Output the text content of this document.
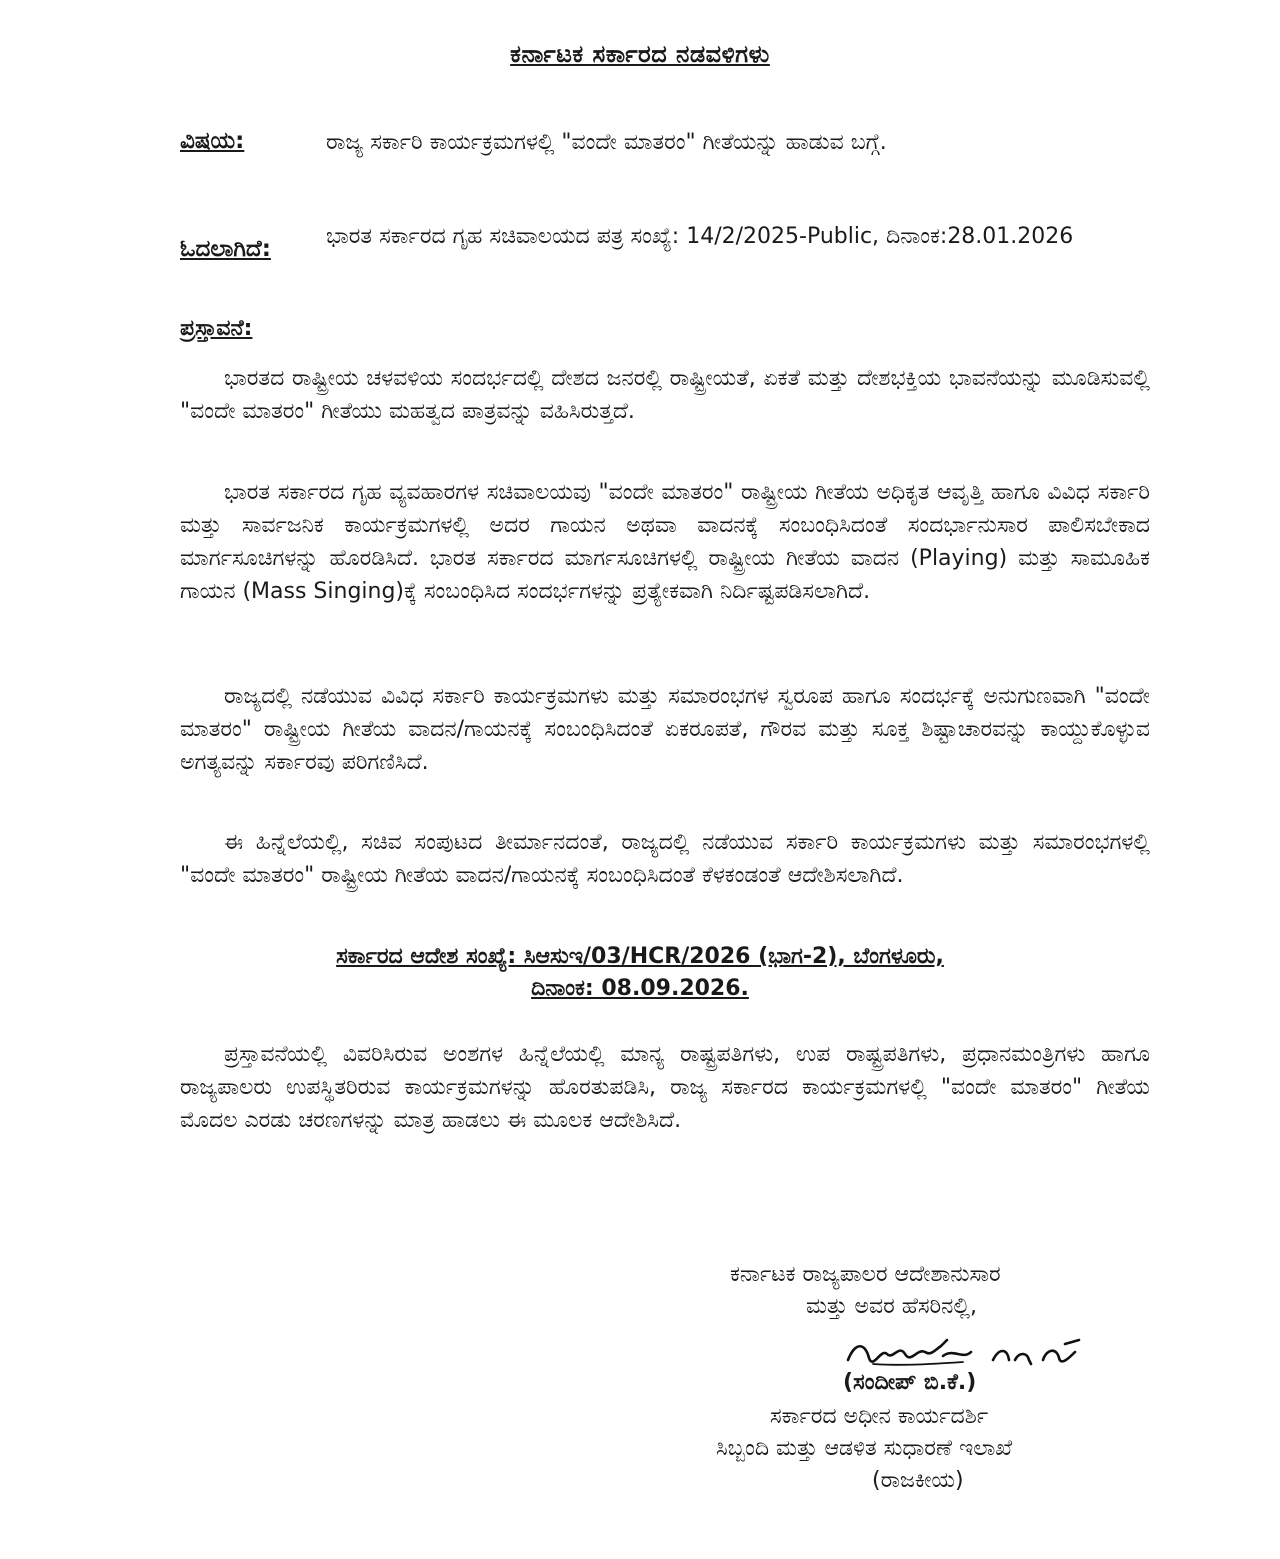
ಕರ್ನಾಟಕ ಸರ್ಕಾರದ ನಡವಳಿಗಳು
ವಿಷಯ:	ರಾಜ್ಯ ಸರ್ಕಾರಿ ಕಾರ್ಯಕ್ರಮಗಳಲ್ಲಿ "ವಂದೇ ಮಾತರಂ" ಗೀತೆಯನ್ನು ಹಾಡುವ ಬಗ್ಗೆ.
ಓದಲಾಗಿದೆ:	ಭಾರತ ಸರ್ಕಾರದ ಗೃಹ ಸಚಿವಾಲಯದ ಪತ್ರ ಸಂಖ್ಯೆ: 14/2/2025-Public, ದಿನಾಂಕ:28.01.2026
ಪ್ರಸ್ತಾವನೆ:
ಭಾರತದ ರಾಷ್ಟ್ರೀಯ ಚಳವಳಿಯ ಸಂದರ್ಭದಲ್ಲಿ ದೇಶದ ಜನರಲ್ಲಿ ರಾಷ್ಟ್ರೀಯತೆ, ಏಕತೆ ಮತ್ತು ದೇಶಭಕ್ತಿಯ ಭಾವನೆಯನ್ನು ಮೂಡಿಸುವಲ್ಲಿ "ವಂದೇ ಮಾತರಂ" ಗೀತೆಯು ಮಹತ್ವದ ಪಾತ್ರವನ್ನು ವಹಿಸಿರುತ್ತದೆ.
ಭಾರತ ಸರ್ಕಾರದ ಗೃಹ ವ್ಯವಹಾರಗಳ ಸಚಿವಾಲಯವು "ವಂದೇ ಮಾತರಂ" ರಾಷ್ಟ್ರೀಯ ಗೀತೆಯ ಅಧಿಕೃತ ಆವೃತ್ತಿ ಹಾಗೂ ವಿವಿಧ ಸರ್ಕಾರಿ ಮತ್ತು ಸಾರ್ವಜನಿಕ ಕಾರ್ಯಕ್ರಮಗಳಲ್ಲಿ ಅದರ ಗಾಯನ ಅಥವಾ ವಾದನಕ್ಕೆ ಸಂಬಂಧಿಸಿದಂತೆ ಸಂದರ್ಭಾನುಸಾರ ಪಾಲಿಸಬೇಕಾದ ಮಾರ್ಗಸೂಚಿಗಳನ್ನು ಹೊರಡಿಸಿದೆ. ಭಾರತ ಸರ್ಕಾರದ ಮಾರ್ಗಸೂಚಿಗಳಲ್ಲಿ ರಾಷ್ಟ್ರೀಯ ಗೀತೆಯ ವಾದನ (Playing) ಮತ್ತು ಸಾಮೂಹಿಕ ಗಾಯನ (Mass Singing)ಕ್ಕೆ ಸಂಬಂಧಿಸಿದ ಸಂದರ್ಭಗಳನ್ನು ಪ್ರತ್ಯೇಕವಾಗಿ ನಿರ್ದಿಷ್ಟಪಡಿಸಲಾಗಿದೆ.
ರಾಜ್ಯದಲ್ಲಿ ನಡೆಯುವ ವಿವಿಧ ಸರ್ಕಾರಿ ಕಾರ್ಯಕ್ರಮಗಳು ಮತ್ತು ಸಮಾರಂಭಗಳ ಸ್ವರೂಪ ಹಾಗೂ ಸಂದರ್ಭಕ್ಕೆ ಅನುಗುಣವಾಗಿ "ವಂದೇ ಮಾತರಂ" ರಾಷ್ಟ್ರೀಯ ಗೀತೆಯ ವಾದನ/ಗಾಯನಕ್ಕೆ ಸಂಬಂಧಿಸಿದಂತೆ ಏಕರೂಪತೆ, ಗೌರವ ಮತ್ತು ಸೂಕ್ತ ಶಿಷ್ಟಾಚಾರವನ್ನು ಕಾಯ್ದುಕೊಳ್ಳುವ ಅಗತ್ಯವನ್ನು ಸರ್ಕಾರವು ಪರಿಗಣಿಸಿದೆ.
ಈ ಹಿನ್ನೆಲೆಯಲ್ಲಿ, ಸಚಿವ ಸಂಪುಟದ ತೀರ್ಮಾನದಂತೆ, ರಾಜ್ಯದಲ್ಲಿ ನಡೆಯುವ ಸರ್ಕಾರಿ ಕಾರ್ಯಕ್ರಮಗಳು ಮತ್ತು ಸಮಾರಂಭಗಳಲ್ಲಿ "ವಂದೇ ಮಾತರಂ" ರಾಷ್ಟ್ರೀಯ ಗೀತೆಯ ವಾದನ/ಗಾಯನಕ್ಕೆ ಸಂಬಂಧಿಸಿದಂತೆ ಕೆಳಕಂಡಂತೆ ಆದೇಶಿಸಲಾಗಿದೆ.
ಸರ್ಕಾರದ ಆದೇಶ ಸಂಖ್ಯೆ: ಸಿಆಸುಇ/03/HCR/2026 (ಭಾಗ-2), ಬೆಂಗಳೂರು,
ದಿನಾಂಕ: 08.09.2026.
ಪ್ರಸ್ತಾವನೆಯಲ್ಲಿ ವಿವರಿಸಿರುವ ಅಂಶಗಳ ಹಿನ್ನೆಲೆಯಲ್ಲಿ ಮಾನ್ಯ ರಾಷ್ಟ್ರಪತಿಗಳು, ಉಪ ರಾಷ್ಟ್ರಪತಿಗಳು, ಪ್ರಧಾನಮಂತ್ರಿಗಳು ಹಾಗೂ ರಾಜ್ಯಪಾಲರು ಉಪಸ್ಥಿತರಿರುವ ಕಾರ್ಯಕ್ರಮಗಳನ್ನು ಹೊರತುಪಡಿಸಿ, ರಾಜ್ಯ ಸರ್ಕಾರದ ಕಾರ್ಯಕ್ರಮಗಳಲ್ಲಿ "ವಂದೇ ಮಾತರಂ" ಗೀತೆಯ ಮೊದಲ ಎರಡು ಚರಣಗಳನ್ನು ಮಾತ್ರ ಹಾಡಲು ಈ ಮೂಲಕ ಆದೇಶಿಸಿದೆ.
ಕರ್ನಾಟಕ ರಾಜ್ಯಪಾಲರ ಆದೇಶಾನುಸಾರ
ಮತ್ತು ಅವರ ಹೆಸರಿನಲ್ಲಿ,
(ಸಂದೀಪ್ ಬಿ.ಕೆ.)
ಸರ್ಕಾರದ ಅಧೀನ ಕಾರ್ಯದರ್ಶಿ
ಸಿಬ್ಬಂದಿ ಮತ್ತು ಆಡಳಿತ ಸುಧಾರಣೆ ಇಲಾಖೆ
(ರಾಜಕೀಯ)
